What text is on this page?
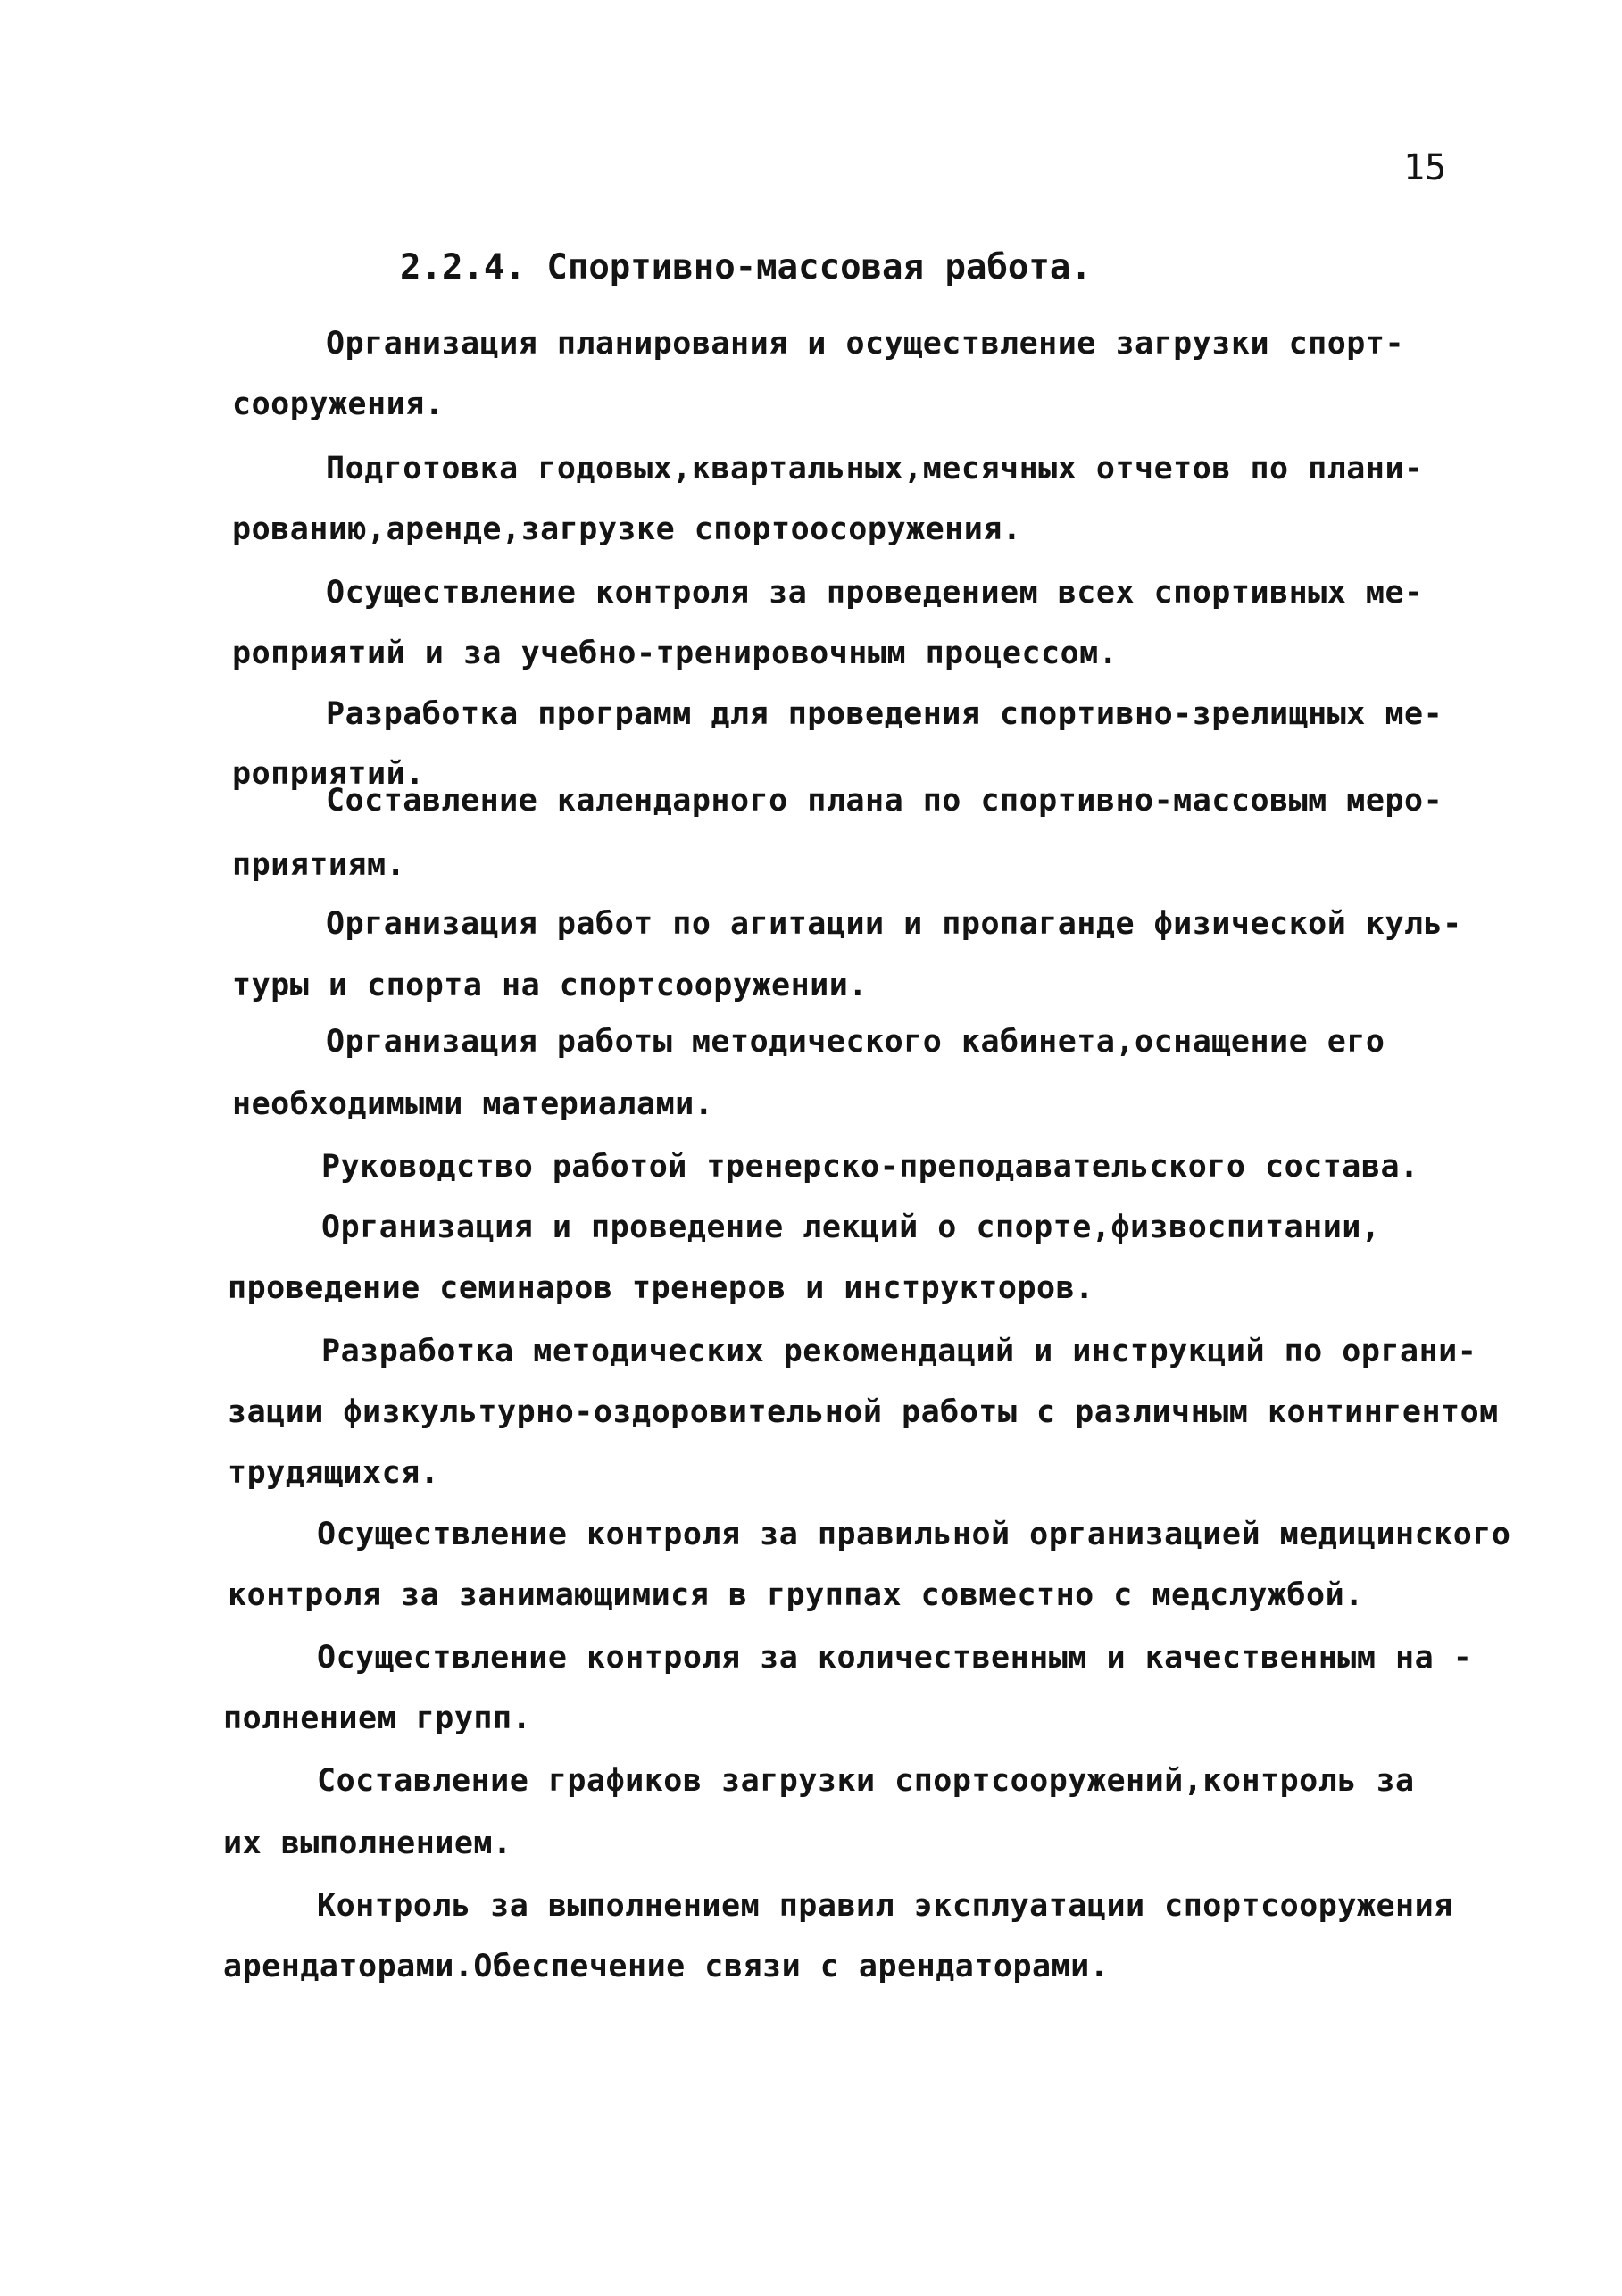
15
2.2.4. Спортивно-массовая работа.
Организация планирования и осуществление загрузки спорт-
сооружения.
Подготовка годовых,квартальных,месячных отчетов по плани-
рованию,аренде,загрузке спортоосоружения.
Осуществление контроля за проведением всех спортивных ме-
роприятий и за учебно-тренировочным процессом.
Разработка программ для проведения спортивно-зрелищных ме-
роприятий.
Составление календарного плана по спортивно-массовым меро-
приятиям.
Организация работ по агитации и пропаганде физической куль-
туры и спорта на спортсооружении.
Организация работы методического кабинета,оснащение его
необходимыми материалами.
Руководство работой тренерско-преподавательского состава.
Организация и проведение лекций о спорте,физвоспитании,
проведение семинаров тренеров и инструкторов.
Разработка методических рекомендаций и инструкций по органи-
зации физкультурно-оздоровительной работы с различным контингентом
трудящихся.
Осуществление контроля за правильной организацией медицинского
контроля за занимающимися в группах совместно с медслужбой.
Осуществление контроля за количественным и качественным на -
полнением групп.
Составление графиков загрузки спортсооружений,контроль за
их выполнением.
Контроль за выполнением правил эксплуатации спортсооружения
арендаторами.Обеспечение связи с арендаторами.
